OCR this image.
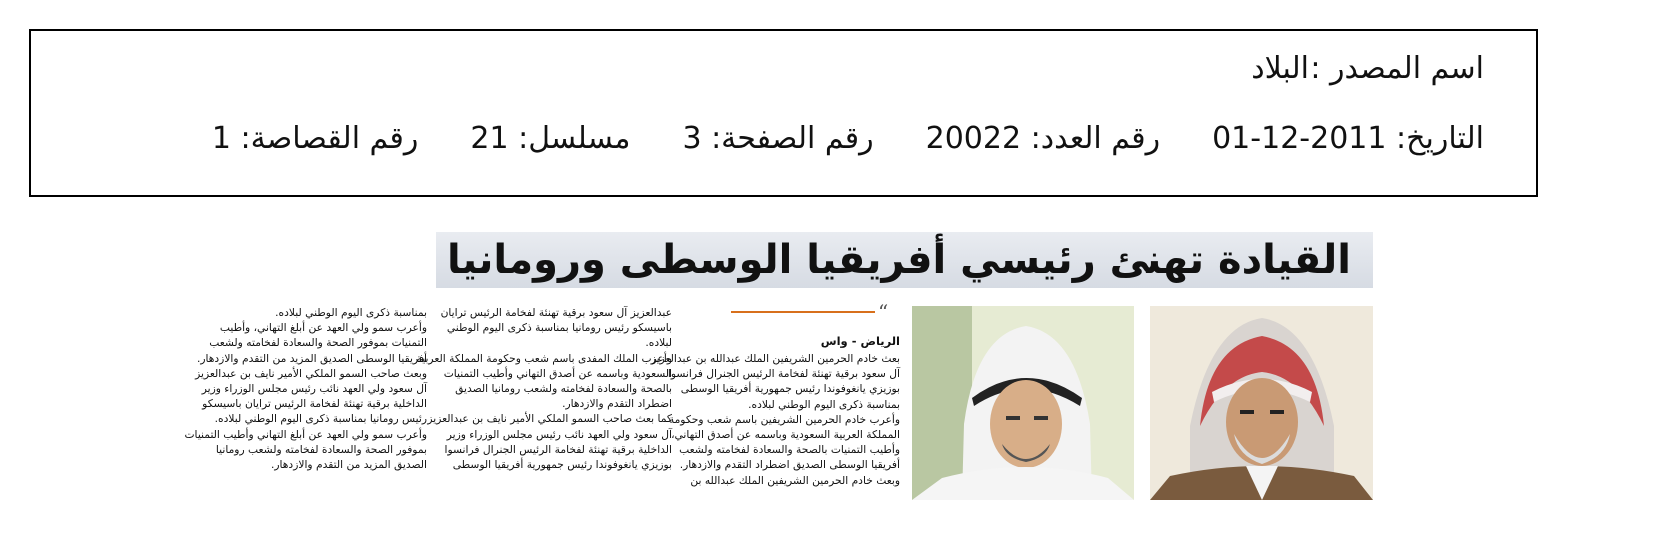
اسم المصدر :البلاد
التاريخ: 2011-12-01رقم العدد: 20022رقم الصفحة: 3مسلسل: 21رقم القصاصة: 1
القيادة تهنئ رئيسي أفريقيا الوسطى ورومانيا
“
الرياض - واس

بعث خادم الحرمين الشريفين الملك عبدالله بن عبدالعزيز

آل سعود برقية تهنئة لفخامة الرئيس الجنرال فرانسوا

بوزيزي يانغوفوندا رئيس جمهورية أفريقيا الوسطى

بمناسبة ذكرى اليوم الوطني لبلاده.

وأعرب خادم الحرمين الشريفين باسم شعب وحكومة

المملكة العربية السعودية وباسمه عن أصدق التهاني،

وأطيب التمنيات بالصحة والسعادة لفخامته ولشعب

أفريقيا الوسطى الصديق اضطراد التقدم والازدهار.

وبعث خادم الحرمين الشريفين الملك عبدالله بن

عبدالعزيز آل سعود برقية تهنئة لفخامة الرئيس ترايان

باسيسكو رئيس رومانيا بمناسبة ذكرى اليوم الوطني

لبلاده.

وأعرب الملك المفدى باسم شعب وحكومة المملكة العربية

السعودية وباسمه عن أصدق التهاني وأطيب التمنيات

بالصحة والسعادة لفخامته ولشعب رومانيا الصديق

اضطراد التقدم والازدهار.

كما بعث صاحب السمو الملكي الأمير نايف بن عبدالعزيز

آل سعود ولي العهد نائب رئيس مجلس الوزراء وزير

الداخلية برقية تهنئة لفخامة الرئيس الجنرال فرانسوا

بوزيزي يانغوفوندا رئيس جمهورية أفريقيا الوسطى

بمناسبة ذكرى اليوم الوطني لبلاده.

وأعرب سمو ولي العهد عن أبلغ التهاني، وأطيب

التمنيات بموفور الصحة والسعادة لفخامته ولشعب

أفريقيا الوسطى الصديق المزيد من التقدم والازدهار.

وبعث صاحب السمو الملكي الأمير نايف بن عبدالعزيز

آل سعود ولي العهد نائب رئيس مجلس الوزراء وزير

الداخلية برقية تهنئة لفخامة الرئيس ترايان باسيسكو

رئيس رومانيا بمناسبة ذكرى اليوم الوطني لبلاده.

وأعرب سمو ولي العهد عن أبلغ التهاني وأطيب التمنيات

بموفور الصحة والسعادة لفخامته ولشعب رومانيا

الصديق المزيد من التقدم والازدهار.
